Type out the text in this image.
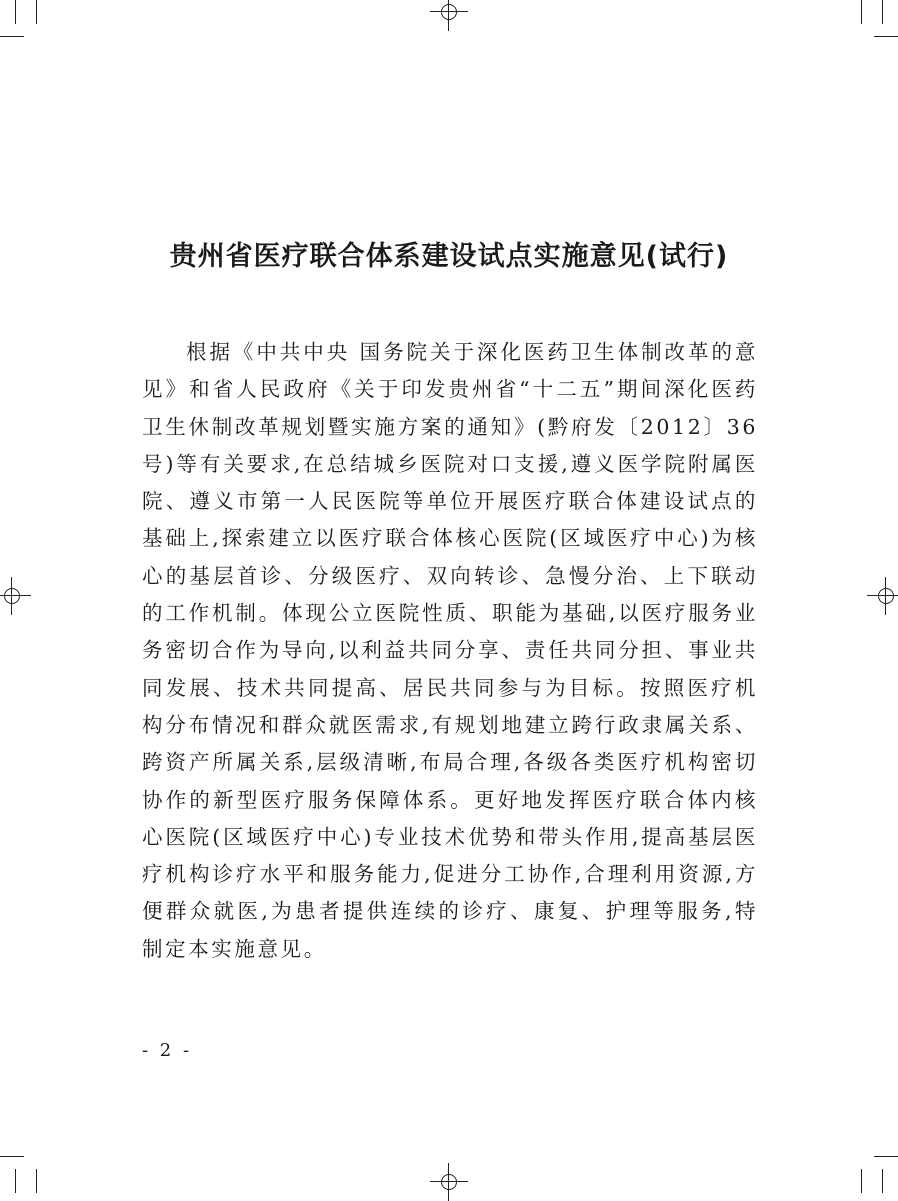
贵州省医疗联合体系建设试点实施意见(试行)

根据《中共中央 国务院关于深化医药卫生体制改革的意见》和省人民政府《关于印发贵州省“十二五”期间深化医药卫生休制改革规划暨实施方案的通知》(黔府发〔2012〕36号)等有关要求,在总结城乡医院对口支援,遵义医学院附属医院、遵义市第一人民医院等单位开展医疗联合体建设试点的基础上,探索建立以医疗联合体核心医院(区域医疗中心)为核心的基层首诊、分级医疗、双向转诊、急慢分治、上下联动的工作机制。体现公立医院性质、职能为基础,以医疗服务业务密切合作为导向,以利益共同分享、责任共同分担、事业共同发展、技术共同提高、居民共同参与为目标。按照医疗机构分布情况和群众就医需求,有规划地建立跨行政隶属关系、跨资产所属关系,层级清晰,布局合理,各级各类医疗机构密切协作的新型医疗服务保障体系。更好地发挥医疗联合体内核心医院(区域医疗中心)专业技术优势和带头作用,提高基层医疗机构诊疗水平和服务能力,促进分工协作,合理利用资源,方便群众就医,为患者提供连续的诊疗、康复、护理等服务,特制定本实施意见。

- 2 -
